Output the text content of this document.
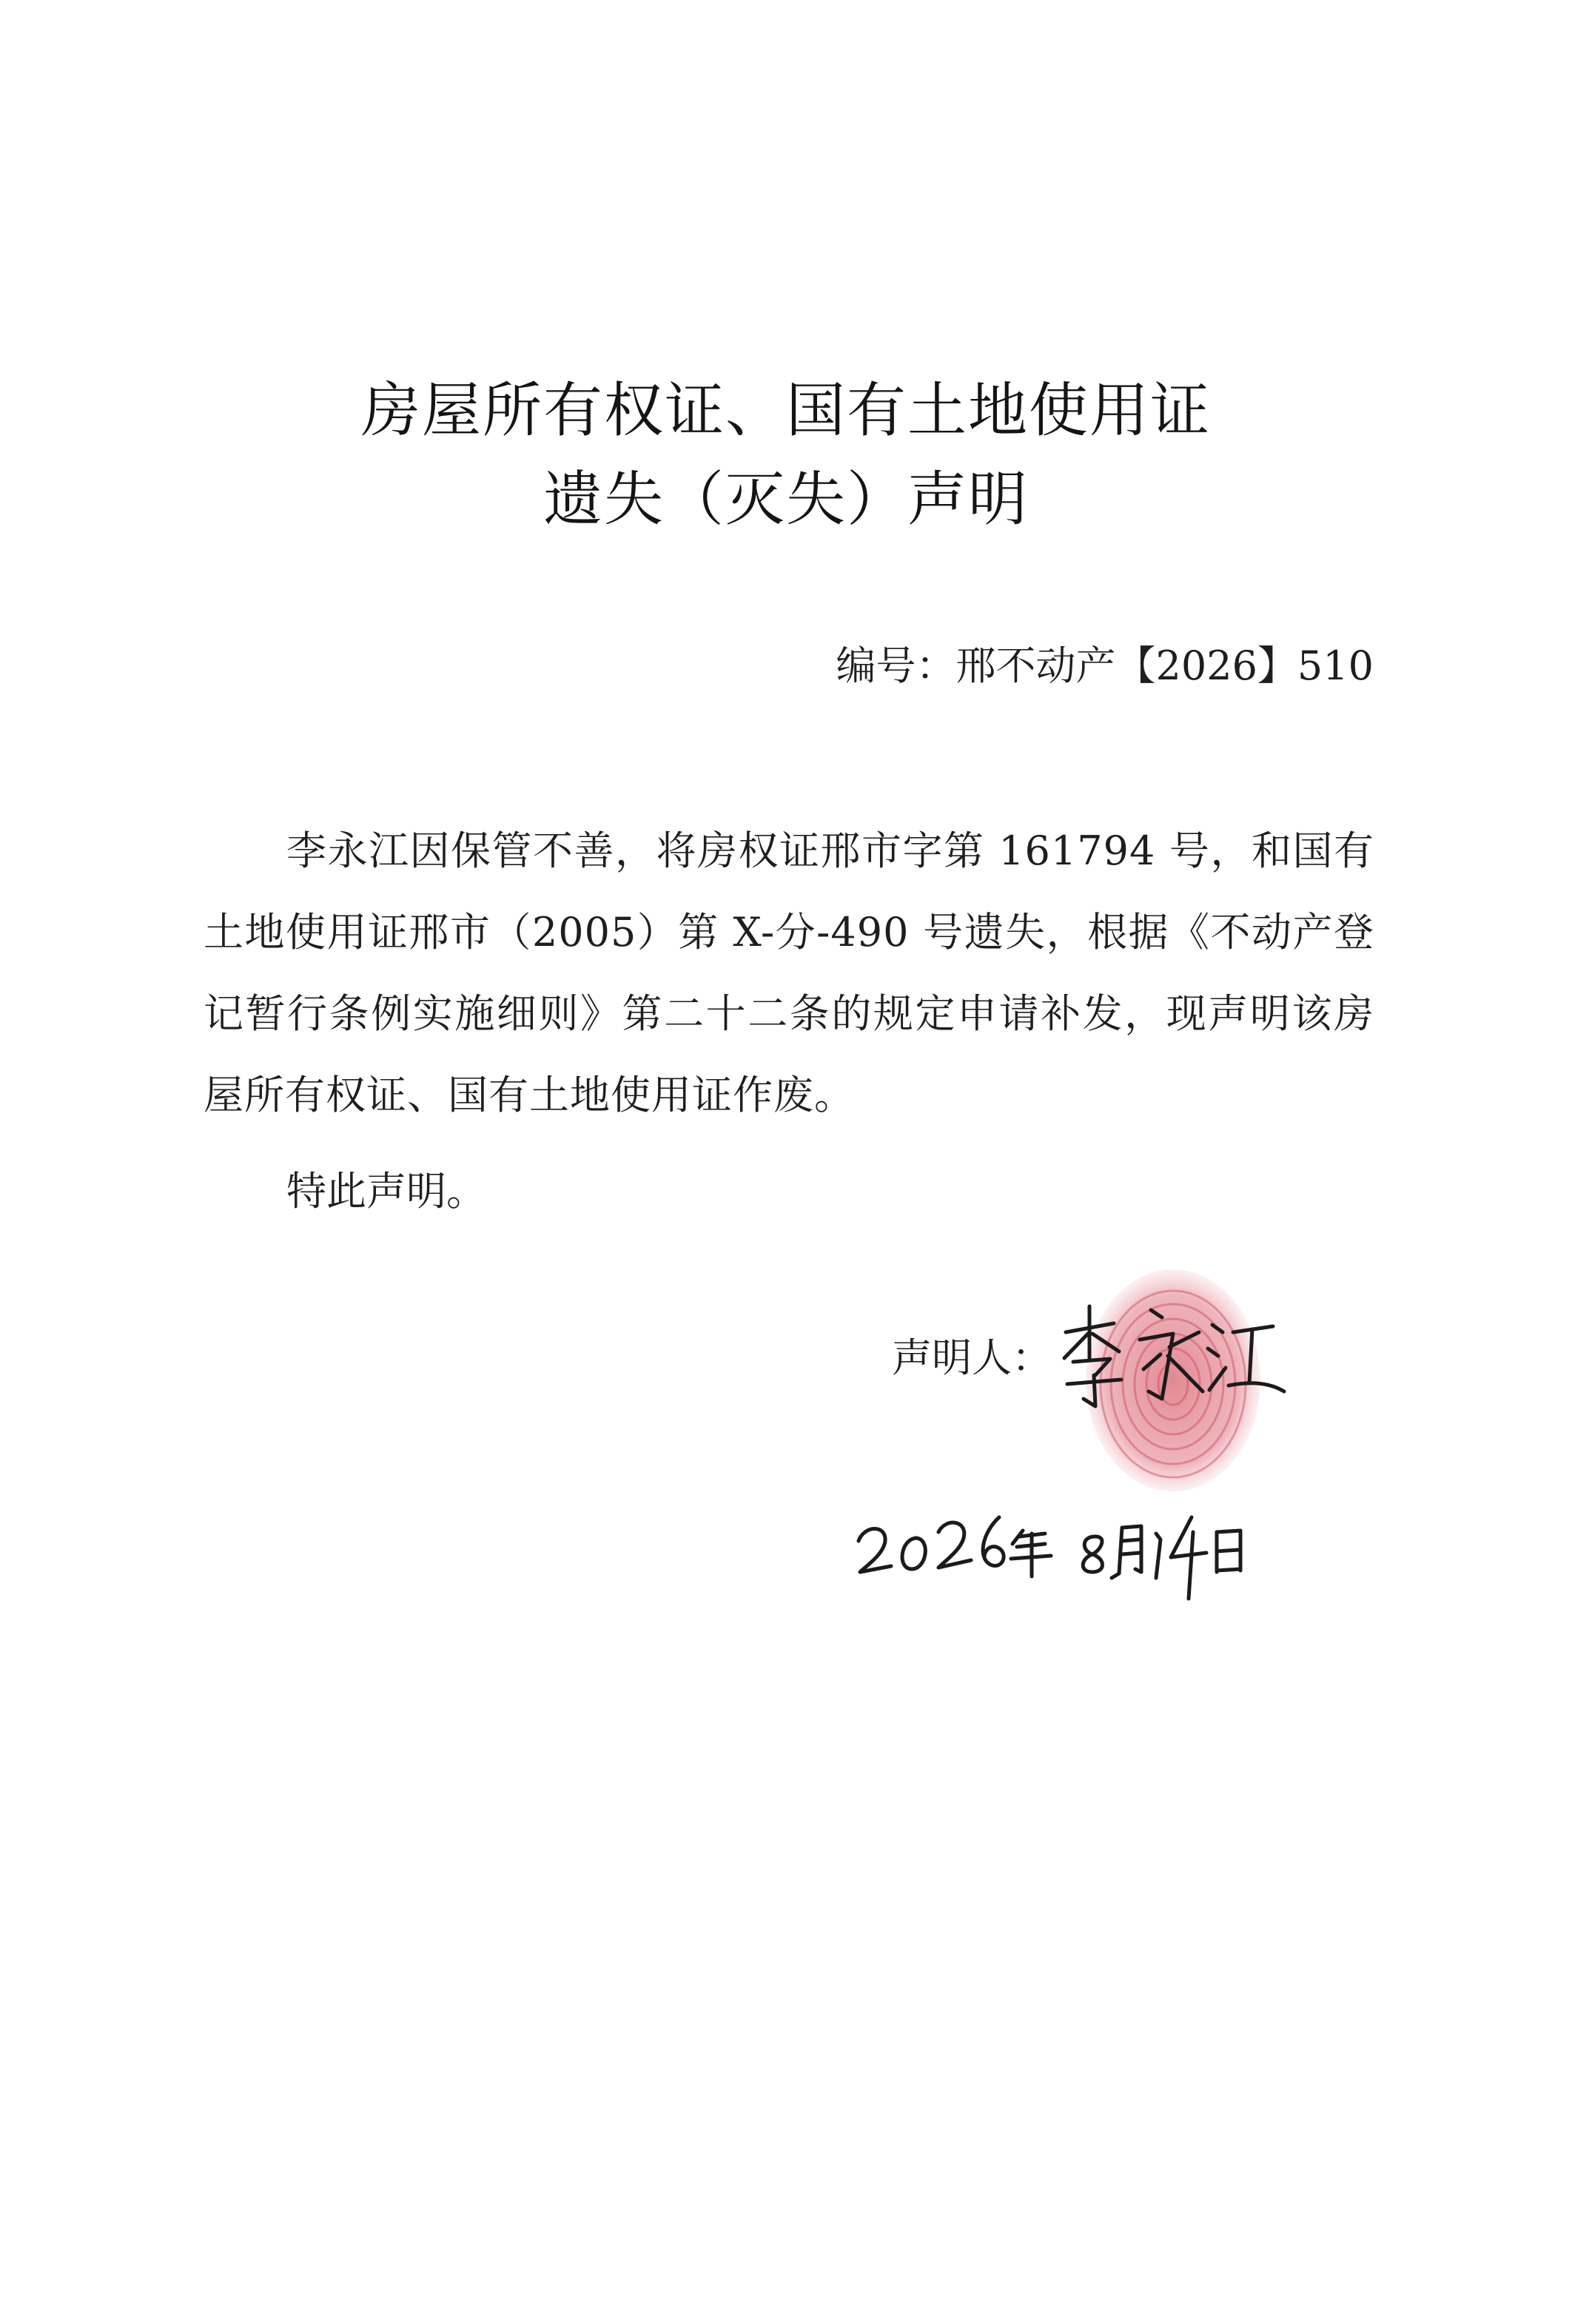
房屋所有权证、国有土地使用证
遗失（灭失）声明
编号：邢不动产【2026】510
李永江因保管不善，将房权证邢市字第 161794 号，和国有土地使用证邢市（2005）第 X-分-490 号遗失，根据《不动产登记暂行条例实施细则》第二十二条的规定申请补发，现声明该房屋所有权证、国有土地使用证作废。
特此声明。
声明人：
